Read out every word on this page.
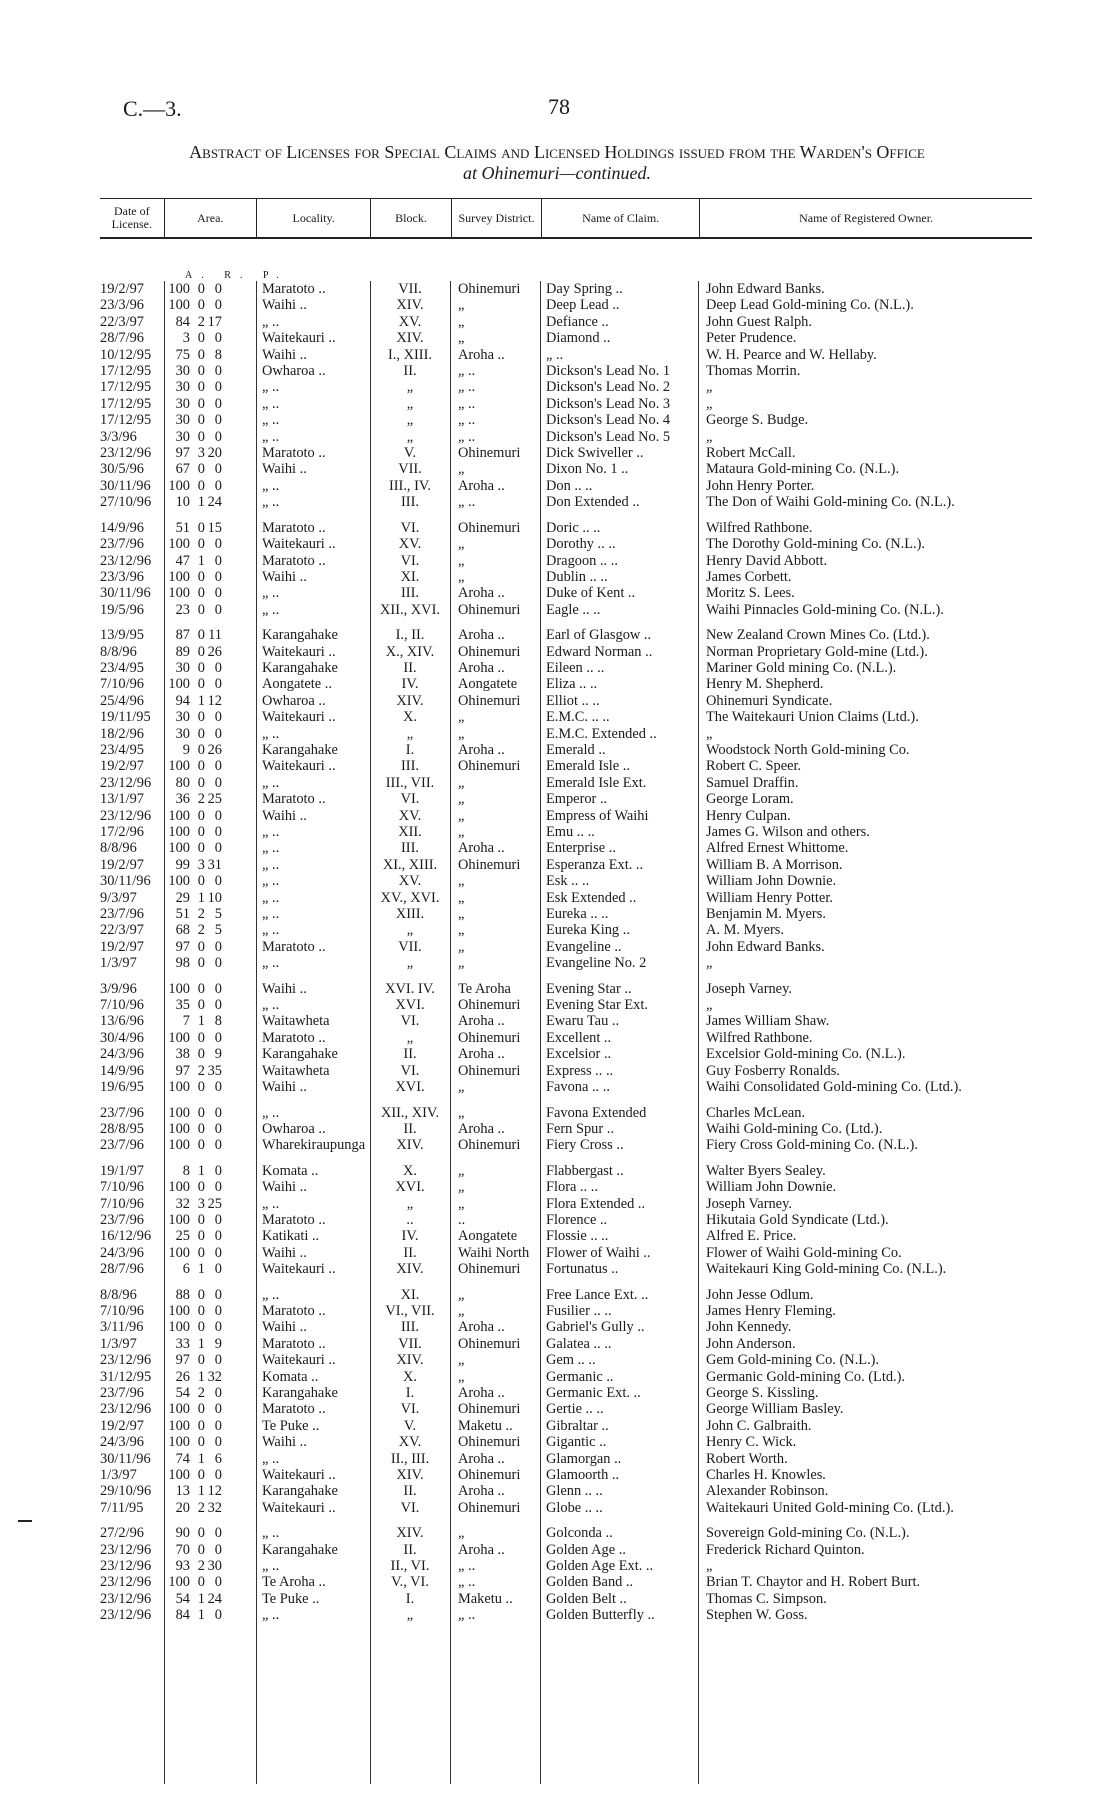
C.—3.	78
Abstract of Licenses for Special Claims and Licensed Holdings issued from the Warden's Office
at Ohinemuri—continued.
Date of License.	Area.	Locality.	Block.	Survey District.	Name of Claim.	Name of Registered Owner.
A. R. P.
19/2/97	100 0 0	Maratoto ..	VII.	Ohinemuri	Day Spring ..	John Edward Banks.
23/3/96	100 0 0	Waihi ..	XIV.	„	Deep Lead ..	Deep Lead Gold-mining Co. (N.L.).
22/3/97	84 2 17	„ ..	XV.	„	Defiance ..	John Guest Ralph.
28/7/96	3 0 0	Waitekauri ..	XIV.	„	Diamond ..	Peter Prudence.
10/12/95	75 0 8	Waihi ..	I., XIII.	Aroha ..	„ ..	W. H. Pearce and W. Hellaby.
17/12/95	30 0 0	Owharoa ..	II.	„ ..	Dickson's Lead No. 1	Thomas Morrin.
17/12/95	30 0 0	„ ..	„	„ ..	Dickson's Lead No. 2	„
17/12/95	30 0 0	„ ..	„	„ ..	Dickson's Lead No. 3	„
17/12/95	30 0 0	„ ..	„	„ ..	Dickson's Lead No. 4	George S. Budge.
3/3/96	30 0 0	„ ..	„	„ ..	Dickson's Lead No. 5	„
23/12/96	97 3 20	Maratoto ..	V.	Ohinemuri	Dick Swiveller ..	Robert McCall.
30/5/96	67 0 0	Waihi ..	VII.	„	Dixon No. 1 ..	Mataura Gold-mining Co. (N.L.).
30/11/96	100 0 0	„ ..	III., IV.	Aroha ..	Don .. ..	John Henry Porter.
27/10/96	10 1 24	„ ..	III.	„ ..	Don Extended ..	The Don of Waihi Gold-mining Co. (N.L.).
14/9/96	51 0 15	Maratoto ..	VI.	Ohinemuri	Doric .. ..	Wilfred Rathbone.
23/7/96	100 0 0	Waitekauri ..	XV.	„	Dorothy .. ..	The Dorothy Gold-mining Co. (N.L.).
23/12/96	47 1 0	Maratoto ..	VI.	„	Dragoon .. ..	Henry David Abbott.
23/3/96	100 0 0	Waihi ..	XI.	„	Dublin .. ..	James Corbett.
30/11/96	100 0 0	„ ..	III.	Aroha ..	Duke of Kent ..	Moritz S. Lees.
19/5/96	23 0 0	„ ..	XII., XVI.	Ohinemuri	Eagle .. ..	Waihi Pinnacles Gold-mining Co. (N.L.).
13/9/95	87 0 11	Karangahake	I., II.	Aroha ..	Earl of Glasgow ..	New Zealand Crown Mines Co. (Ltd.).
8/8/96	89 0 26	Waitekauri ..	X., XIV.	Ohinemuri	Edward Norman ..	Norman Proprietary Gold-mine (Ltd.).
23/4/95	30 0 0	Karangahake	II.	Aroha ..	Eileen .. ..	Mariner Gold mining Co. (N.L.).
7/10/96	100 0 0	Aongatete ..	IV.	Aongatete	Eliza .. ..	Henry M. Shepherd.
25/4/96	94 1 12	Owharoa ..	XIV.	Ohinemuri	Elliot .. ..	Ohinemuri Syndicate.
19/11/95	30 0 0	Waitekauri ..	X.	„	E.M.C. .. ..	The Waitekauri Union Claims (Ltd.).
18/2/96	30 0 0	„ ..	„	„	E.M.C. Extended ..	„
23/4/95	9 0 26	Karangahake	I.	Aroha ..	Emerald ..	Woodstock North Gold-mining Co.
19/2/97	100 0 0	Waitekauri ..	III.	Ohinemuri	Emerald Isle ..	Robert C. Speer.
23/12/96	80 0 0	„ ..	III., VII.	„	Emerald Isle Ext.	Samuel Draffin.
13/1/97	36 2 25	Maratoto ..	VI.	„	Emperor ..	George Loram.
23/12/96	100 0 0	Waihi ..	XV.	„	Empress of Waihi	Henry Culpan.
17/2/96	100 0 0	„ ..	XII.	„	Emu .. ..	James G. Wilson and others.
8/8/96	100 0 0	„ ..	III.	Aroha ..	Enterprise ..	Alfred Ernest Whittome.
19/2/97	99 3 31	„ ..	XI., XIII.	Ohinemuri	Esperanza Ext. ..	William B. A Morrison.
30/11/96	100 0 0	„ ..	XV.	„	Esk .. ..	William John Downie.
9/3/97	29 1 10	„ ..	XV., XVI.	„	Esk Extended ..	William Henry Potter.
23/7/96	51 2 5	„ ..	XIII.	„	Eureka .. ..	Benjamin M. Myers.
22/3/97	68 2 5	„ ..	„	„	Eureka King ..	A. M. Myers.
19/2/97	97 0 0	Maratoto ..	VII.	„	Evangeline ..	John Edward Banks.
1/3/97	98 0 0	„ ..	„	„	Evangeline No. 2	„
3/9/96	100 0 0	Waihi ..	XVI. IV.	Te Aroha	Evening Star ..	Joseph Varney.
7/10/96	35 0 0	„ ..	XVI.	Ohinemuri	Evening Star Ext.	„
13/6/96	7 1 8	Waitawheta	VI.	Aroha ..	Ewaru Tau ..	James William Shaw.
30/4/96	100 0 0	Maratoto ..	„	Ohinemuri	Excellent ..	Wilfred Rathbone.
24/3/96	38 0 9	Karangahake	II.	Aroha ..	Excelsior ..	Excelsior Gold-mining Co. (N.L.).
14/9/96	97 2 35	Waitawheta	VI.	Ohinemuri	Express .. ..	Guy Fosberry Ronalds.
19/6/95	100 0 0	Waihi ..	XVI.	„	Favona .. ..	Waihi Consolidated Gold-mining Co. (Ltd.).
23/7/96	100 0 0	„ ..	XII., XIV.	„	Favona Extended	Charles McLean.
28/8/95	100 0 0	Owharoa ..	II.	Aroha ..	Fern Spur ..	Waihi Gold-mining Co. (Ltd.).
23/7/96	100 0 0	Wharekiraupunga	XIV.	Ohinemuri	Fiery Cross ..	Fiery Cross Gold-mining Co. (N.L.).
19/1/97	8 1 0	Komata ..	X.	„	Flabbergast ..	Walter Byers Sealey.
7/10/96	100 0 0	Waihi ..	XVI.	„	Flora .. ..	William John Downie.
7/10/96	32 3 25	„ ..	„	„	Flora Extended ..	Joseph Varney.
23/7/96	100 0 0	Maratoto ..	..	..	Florence ..	Hikutaia Gold Syndicate (Ltd.).
16/12/96	25 0 0	Katikati ..	IV.	Aongatete	Flossie .. ..	Alfred E. Price.
24/3/96	100 0 0	Waihi ..	II.	Waihi North	Flower of Waihi ..	Flower of Waihi Gold-mining Co.
28/7/96	6 1 0	Waitekauri ..	XIV.	Ohinemuri	Fortunatus ..	Waitekauri King Gold-mining Co. (N.L.).
8/8/96	88 0 0	„ ..	XI.	„	Free Lance Ext. ..	John Jesse Odlum.
7/10/96	100 0 0	Maratoto ..	VI., VII.	„	Fusilier .. ..	James Henry Fleming.
3/11/96	100 0 0	Waihi ..	III.	Aroha ..	Gabriel's Gully ..	John Kennedy.
1/3/97	33 1 9	Maratoto ..	VII.	Ohinemuri	Galatea .. ..	John Anderson.
23/12/96	97 0 0	Waitekauri ..	XIV.	„	Gem .. ..	Gem Gold-mining Co. (N.L.).
31/12/95	26 1 32	Komata ..	X.	„	Germanic ..	Germanic Gold-mining Co. (Ltd.).
23/7/96	54 2 0	Karangahake	I.	Aroha ..	Germanic Ext. ..	George S. Kissling.
23/12/96	100 0 0	Maratoto ..	VI.	Ohinemuri	Gertie .. ..	George William Basley.
19/2/97	100 0 0	Te Puke ..	V.	Maketu ..	Gibraltar ..	John C. Galbraith.
24/3/96	100 0 0	Waihi ..	XV.	Ohinemuri	Gigantic ..	Henry C. Wick.
30/11/96	74 1 6	„ ..	II., III.	Aroha ..	Glamorgan ..	Robert Worth.
1/3/97	100 0 0	Waitekauri ..	XIV.	Ohinemuri	Glamoorth ..	Charles H. Knowles.
29/10/96	13 1 12	Karangahake	II.	Aroha ..	Glenn .. ..	Alexander Robinson.
7/11/95	20 2 32	Waitekauri ..	VI.	Ohinemuri	Globe .. ..	Waitekauri United Gold-mining Co. (Ltd.).
27/2/96	90 0 0	„ ..	XIV.	„	Golconda ..	Sovereign Gold-mining Co. (N.L.).
23/12/96	70 0 0	Karangahake	II.	Aroha ..	Golden Age ..	Frederick Richard Quinton.
23/12/96	93 2 30	„ ..	II., VI.	„ ..	Golden Age Ext. ..	„
23/12/96	100 0 0	Te Aroha ..	V., VI.	„ ..	Golden Band ..	Brian T. Chaytor and H. Robert Burt.
23/12/96	54 1 24	Te Puke ..	I.	Maketu ..	Golden Belt ..	Thomas C. Simpson.
23/12/96	84 1 0	„ ..	„	„ ..	Golden Butterfly ..	Stephen W. Goss.
